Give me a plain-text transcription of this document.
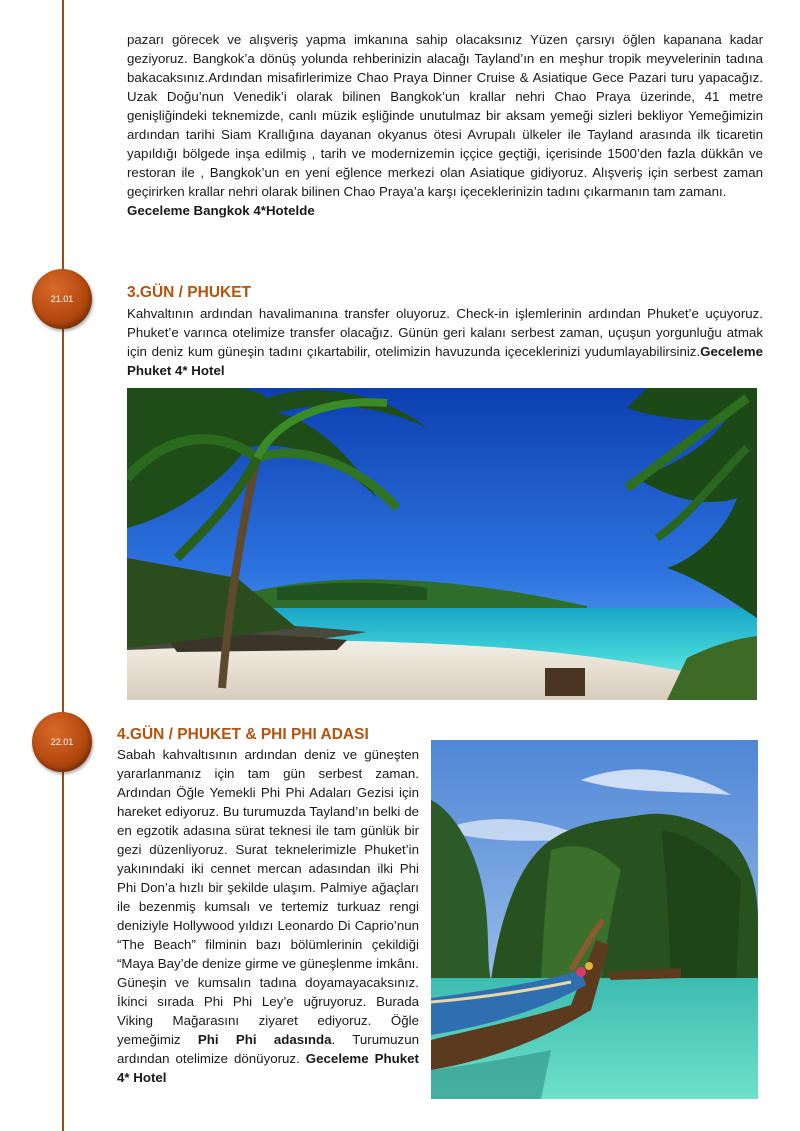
pazarı görecek ve alışveriş yapma imkanına sahip olacaksınız Yüzen çarsıyı öğlen kapanana kadar geziyoruz. Bangkok’a dönüş yolunda rehberinizin alacağı Tayland’ın en meşhur tropik meyvelerinin tadına bakacaksınız.Ardından misafirlerimize Chao Praya Dinner Cruise & Asiatique Gece Pazari turu yapacağız. Uzak Doğu’nun Venedik’i olarak bilinen Bangkok’un krallar nehri Chao Praya üzerinde, 41 metre genişliğindeki teknemizde, canlı müzik eşliğinde unutulmaz bir aksam yemeği sizleri bekliyor Yemeğimizin ardından tarihi Siam Krallığına dayanan okyanus ötesi Avrupalı ülkeler ile Tayland arasında ilk ticaretin yapıldığı bölgede inşa edilmiş , tarih ve modernizemin iççice geçtiği, içerisinde 1500’den fazla dükkân ve restoran ile , Bangkok’un en yeni eğlence merkezi olan Asiatique gidiyoruz. Alışveriş için serbest zaman geçirirken krallar nehri olarak bilinen Chao Praya’a karşı içeceklerinizin tadını çıkarmanın tam zamanı.
Geceleme Bangkok 4*Hotelde

21.01	3.GÜN / PHUKET

Kahvaltının ardından havalimanına transfer oluyoruz. Check-in işlemlerinin ardından Phuket’e uçuyoruz. Phuket’e varınca otelimize transfer olacağız. Günün geri kalanı serbest zaman, uçuşun yorgunluğu atmak için deniz kum güneşin tadını çıkartabilir, otelimizin havuzunda içeceklerinizi yudumlayabilirsiniz.Geceleme Phuket 4* Hotel

22.01	4.GÜN / PHUKET & PHI PHI ADASI

Sabah kahvaltısının ardından deniz ve güneşten yararlanmanız için tam gün serbest zaman. Ardından Öğle Yemekli Phi Phi Adaları Gezisi için hareket ediyoruz. Bu turumuzda Tayland’ın belki de en egzotik adasına sürat teknesi ile tam günlük bir gezi düzenliyoruz. Surat teknelerimizle Phuket’in yakınındaki iki cennet mercan adasından ilki Phi Phi Don’a hızlı bir şekilde ulaşım. Palmiye ağaçları ile bezenmiş kumsalı ve tertemiz turkuaz rengi deniziyle Hollywood yıldızı Leonardo Di Caprio’nun “The Beach” filminin bazı bölümlerinin çekildiği “Maya Bay’de denize girme ve güneşlenme imkânı. Güneşin ve kumsalın tadına doyamayacaksınız. İkinci sırada Phi Phi Ley’e uğruyoruz. Burada Viking Mağarasını ziyaret ediyoruz. Öğle yemeğimiz Phi Phi adasında. Turumuzun ardından otelimize dönüyoruz. Geceleme Phuket 4* Hotel
